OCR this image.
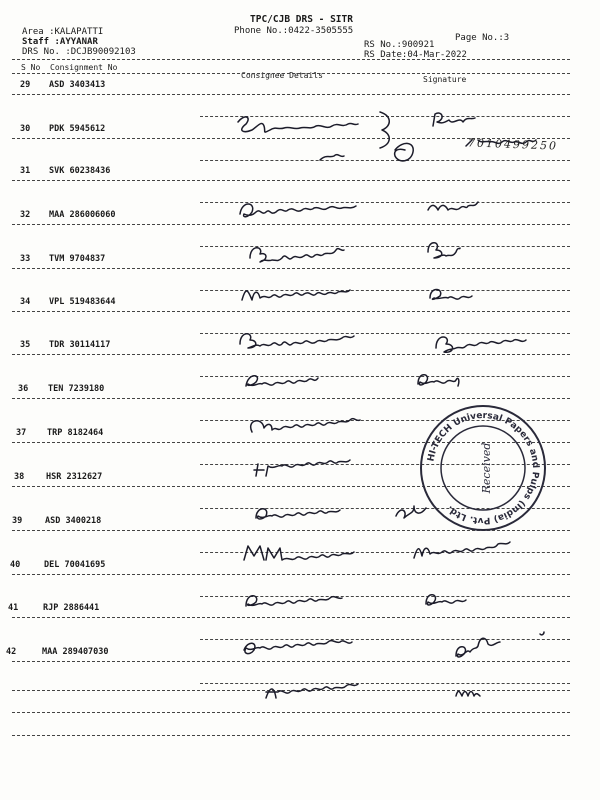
Area :KALAPATTI
Staff :AYYANAR
DRS No. :DCJB90092103
TPC/CJB DRS - SITR
Phone No.:0422-3505555
Page No.:3
RS No.:900921
RS Date:04-Mar-2022
S No Consignment No
Consignee Details	Signature
29 ASD 3403413
30 PDK 5945612
31 SVK 60238436
32 MAA 286006060
33 TVM 9704837
34 VPL 519483644
35 TDR 30114117
36 TEN 7239180
37 TRP 8182464
38	HSR 2312627
39	ASD 3400218
40	DEL 70041695
41	RJP 2886441
42	MAA 289407030
7010499250
HI-TECH Universal Papers and Pulps (India) Pvt. Ltd.
Received
